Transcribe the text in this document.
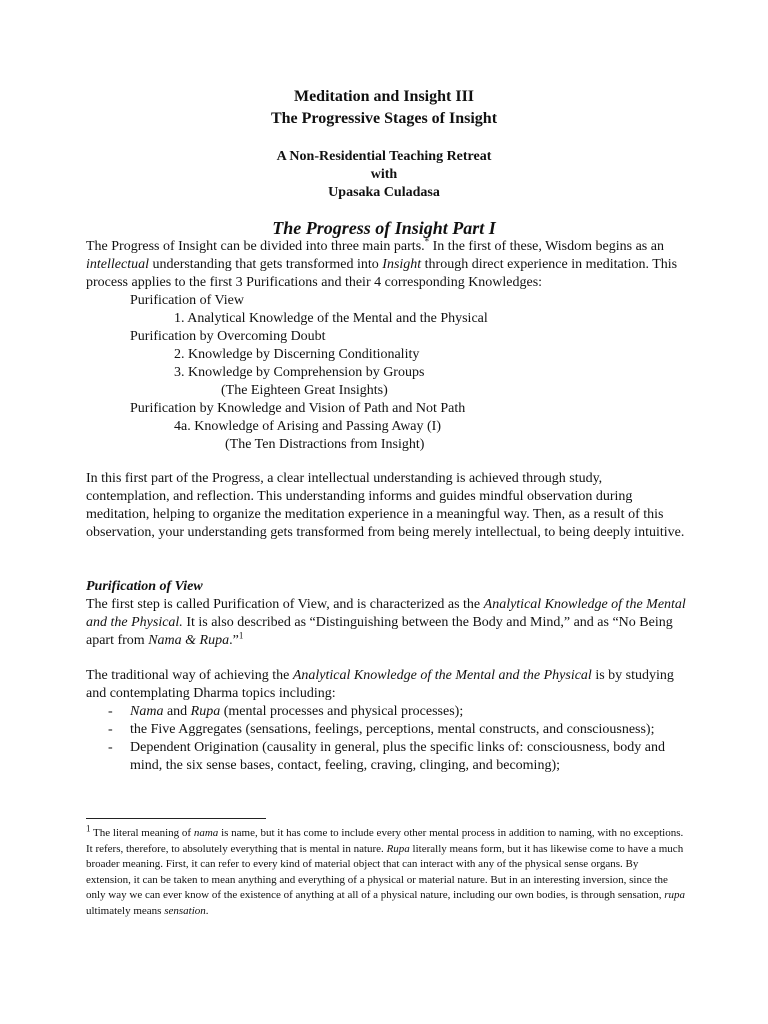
Meditation and Insight III
The Progressive Stages of Insight
A Non-Residential Teaching Retreat
with
Upasaka Culadasa
The Progress of Insight Part I

The Progress of Insight can be divided into three main parts.* In the first of these, Wisdom begins as an intellectual understanding that gets transformed into Insight through direct experience in meditation. This process applies to the first 3 Purifications and their 4 corresponding Knowledges:

Purification of View
1. Analytical Knowledge of the Mental and the Physical
Purification by Overcoming Doubt
2. Knowledge by Discerning Conditionality
3. Knowledge by Comprehension by Groups
(The Eighteen Great Insights)
Purification by Knowledge and Vision of Path and Not Path
4a. Knowledge of Arising and Passing Away (I)
(The Ten Distractions from Insight)

In this first part of the Progress, a clear intellectual understanding is achieved through study, contemplation, and reflection. This understanding informs and guides mindful observation during meditation, helping to organize the meditation experience in a meaningful way. Then, as a result of this observation, your understanding gets transformed from being merely intellectual, to being deeply intuitive.

Purification of View

The first step is called Purification of View, and is characterized as the Analytical Knowledge of the Mental and the Physical. It is also described as “Distinguishing between the Body and Mind,” and as “No Being apart from Nama & Rupa.”$^1$

The traditional way of achieving the Analytical Knowledge of the Mental and the Physical is by studying and contemplating Dharma topics including:

- Nama and Rupa (mental processes and physical processes);
- the Five Aggregates (sensations, feelings, perceptions, mental constructs, and consciousness);
- Dependent Origination (causality in general, plus the specific links of: consciousness, body and mind, the six sense bases, contact, feeling, craving, clinging, and becoming);
$^1$ The literal meaning of nama is name, but it has come to include every other mental process in addition to naming, with no exceptions. It refers, therefore, to absolutely everything that is mental in nature. Rupa literally means form, but it has likewise come to have a much broader meaning. First, it can refer to every kind of material object that can interact with any of the physical sense organs. By extension, it can be taken to mean anything and everything of a physical or material nature. But in an interesting inversion, since the only way we can ever know of the existence of anything at all of a physical nature, including our own bodies, is through sensation, rupa ultimately means sensation.
